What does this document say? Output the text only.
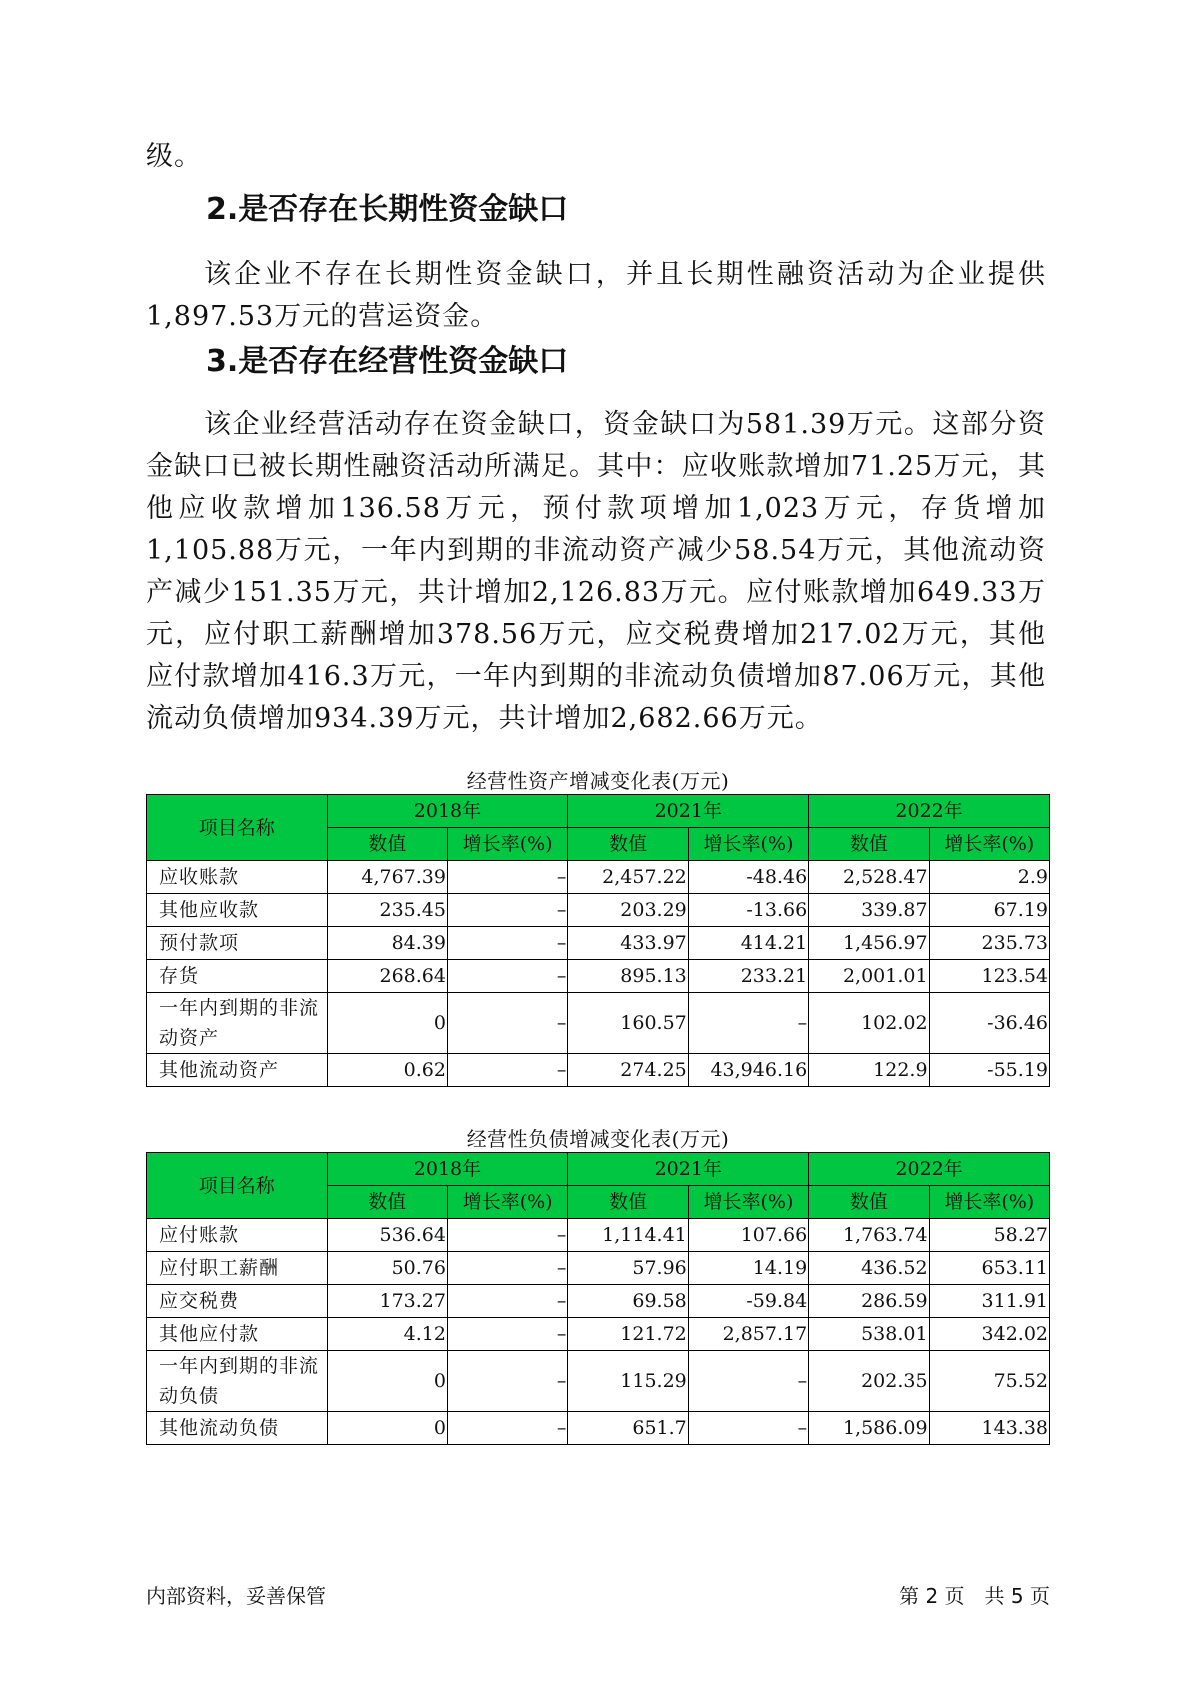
级。

2.是否存在长期性资金缺口

该企业不存在长期性资金缺口，并且长期性融资活动为企业提供1,897.53万元的营运资金。

3.是否存在经营性资金缺口

该企业经营活动存在资金缺口，资金缺口为581.39万元。这部分资金缺口已被长期性融资活动所满足。其中：应收账款增加71.25万元，其他应收款增加136.58万元，预付款项增加1,023万元，存货增加1,105.88万元，一年内到期的非流动资产减少58.54万元，其他流动资产减少151.35万元，共计增加2,126.83万元。应付账款增加649.33万元，应付职工薪酬增加378.56万元，应交税费增加217.02万元，其他应付款增加416.3万元，一年内到期的非流动负债增加87.06万元，其他流动负债增加934.39万元，共计增加2,682.66万元。

经营性资产增减变化表(万元)
项目名称	2018年		2021年		2022年	
	数值	增长率(%)	数值	增长率(%)	数值	增长率(%)
应收账款	4,767.39	–	2,457.22	-48.46	2,528.47	2.9
其他应收款	235.45	–	203.29	-13.66	339.87	67.19
预付款项	84.39	–	433.97	414.21	1,456.97	235.73
存货	268.64	–	895.13	233.21	2,001.01	123.54
一年内到期的非流动资产	0	–	160.57	–	102.02	-36.46
其他流动资产	0.62	–	274.25	43,946.16	122.9	-55.19
经营性负债增减变化表(万元)
项目名称	2018年		2021年		2022年	
	数值	增长率(%)	数值	增长率(%)	数值	增长率(%)
应付账款	536.64	–	1,114.41	107.66	1,763.74	58.27
应付职工薪酬	50.76	–	57.96	14.19	436.52	653.11
应交税费	173.27	–	69.58	-59.84	286.59	311.91
其他应付款	4.12	–	121.72	2,857.17	538.01	342.02
一年内到期的非流动负债	0	–	115.29	–	202.35	75.52
其他流动负债	0	–	651.7	–	1,586.09	143.38
内部资料，妥善保管	第 2 页　共 5 页
